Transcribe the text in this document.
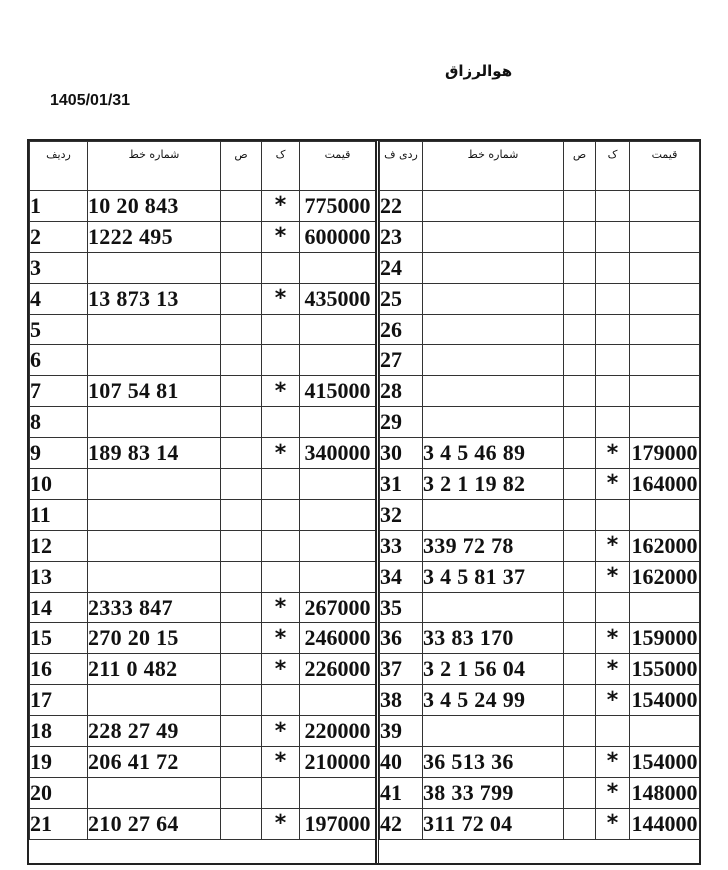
هوالرزاق
1405/01/31
ردیف	شماره خط	ص	ک	قیمت
1	10 20 843		*	775000
2	1222 495		*	600000
3				
4	13 873 13		*	435000
5				
6				
7	107 54 81		*	415000
8				
9	189 83 14		*	340000
10				
11				
12				
13				
14	2333 847		*	267000
15	270 20 15		*	246000
16	211 0 482		*	226000
17				
18	228 27 49		*	220000
19	206 41 72		*	210000
20				
21	210 27 64		*	197000
ردی ف	شماره خط	ص	ک	قیمت
22				
23				
24				
25				
26				
27				
28				
29				
30	3 4 5 46 89		*	179000
31	3 2 1 19 82		*	164000
32				
33	339 72 78		*	162000
34	3 4 5 81 37		*	162000
35				
36	33 83 170		*	159000
37	3 2 1 56 04		*	155000
38	3 4 5 24 99		*	154000
39				
40	36 513 36		*	154000
41	38 33 799		*	148000
42	311 72 04		*	144000
